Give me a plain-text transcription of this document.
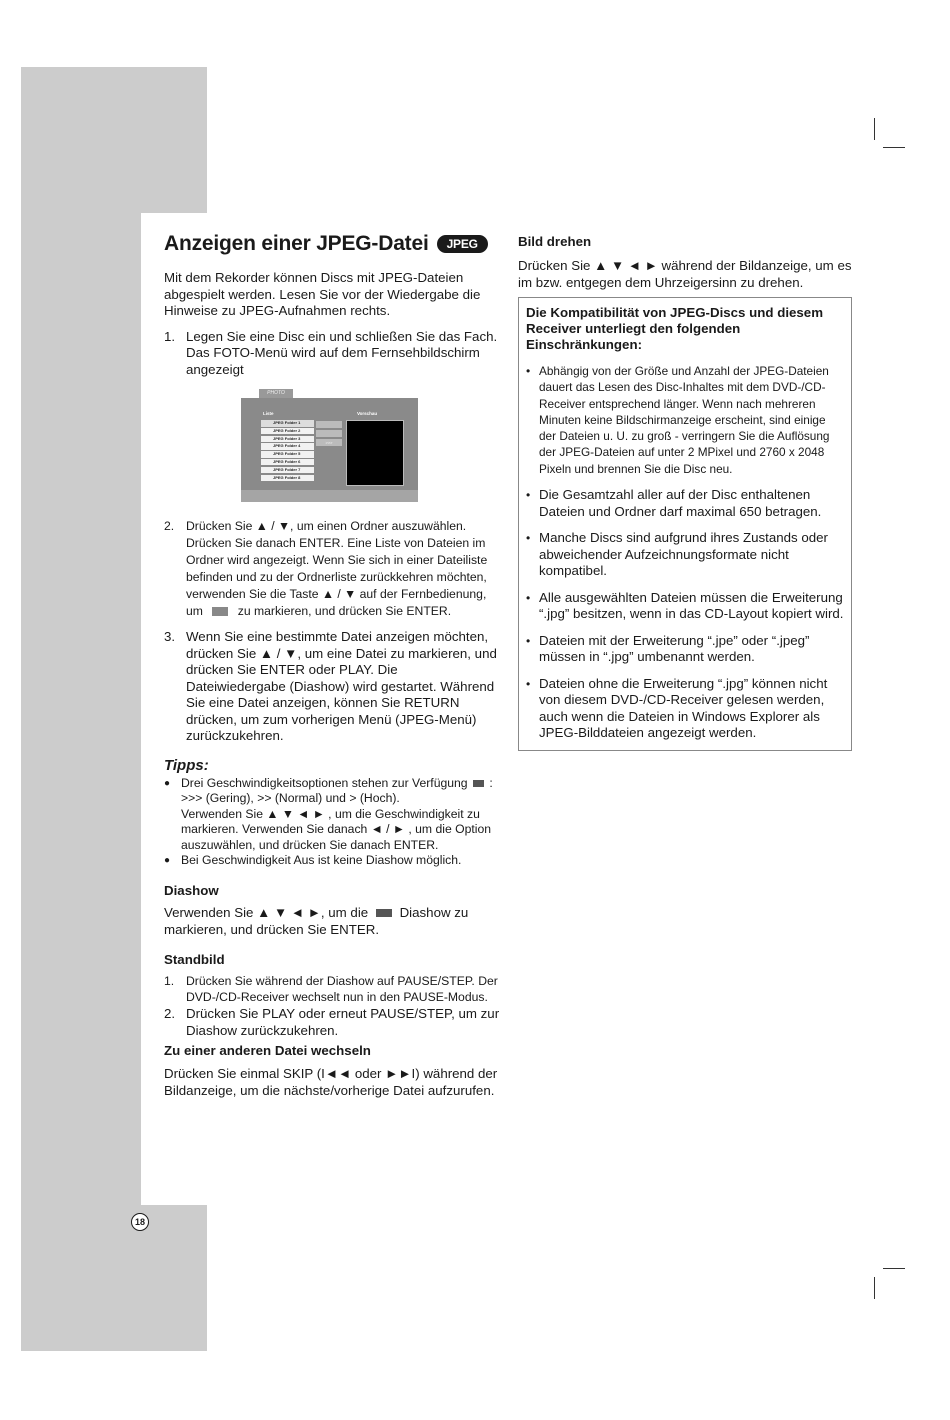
Anzeigen einer JPEG-Datei	JPEG

Mit dem Rekorder können Discs mit JPEG-Dateien abgespielt werden. Lesen Sie vor der Wiedergabe die Hinweise zu JPEG-Aufnahmen rechts.

1. Legen Sie eine Disc ein und schließen Sie das Fach. Das FOTO-Menü wird auf dem Fernsehbildschirm angezeigt
PHOTO
Liste	Vorschau
JPEG Folder 1
JPEG Folder 2
JPEG Folder 3
JPEG Folder 4
JPEG Folder 5
JPEG Folder 6
JPEG Folder 7
JPEG Folder 8
>>>
2. Drücken Sie ▲ / ▼, um einen Ordner auszuwählen. Drücken Sie danach ENTER. Eine Liste von Dateien im Ordner wird angezeigt. Wenn Sie sich in einer Dateiliste befinden und zu der Ordnerliste zurückkehren möchten, verwenden Sie die Taste ▲ / ▼ auf der Fernbedienung, um	zu markieren, und drücken Sie ENTER.
3. Wenn Sie eine bestimmte Datei anzeigen möchten, drücken Sie ▲ / ▼, um eine Datei zu markieren, und drücken Sie ENTER oder PLAY. Die Dateiwiedergabe (Diashow) wird gestartet. Während Sie eine Datei anzeigen, können Sie RETURN drücken, um zum vorherigen Menü (JPEG-Menü) zurückzukehren.
Tipps:
● Drei Geschwindigkeitsoptionen stehen zur Verfügung : >>> (Gering), >> (Normal) und > (Hoch).
Verwenden Sie ▲ ▼ ◄ ► , um die Geschwindigkeit zu markieren. Verwenden Sie danach ◄ / ► , um die Option auszuwählen, und drücken Sie danach ENTER.
● Bei Geschwindigkeit Aus ist keine Diashow möglich.
Diashow

Verwenden Sie ▲ ▼ ◄ ►, um die Diashow zu markieren, und drücken Sie ENTER.

Standbild
1. Drücken Sie während der Diashow auf PAUSE/STEP. Der DVD-/CD-Receiver wechselt nun in den PAUSE-Modus.
2. Drücken Sie PLAY oder erneut PAUSE/STEP, um zur Diashow zurückzukehren.
Zu einer anderen Datei wechseln

Drücken Sie einmal SKIP (I◄◄ oder ►►I) während der Bildanzeige, um die nächste/vorherige Datei aufzurufen.

Bild drehen

Drücken Sie ▲ ▼ ◄ ► während der Bildanzeige, um es im bzw. entgegen dem Uhrzeigersinn zu drehen.

Die Kompatibilität von JPEG-Discs und diesem Receiver unterliegt den folgenden Einschränkungen:
• Abhängig von der Größe und Anzahl der JPEG-Dateien dauert das Lesen des Disc-Inhaltes mit dem DVD-/CD-Receiver entsprechend länger. Wenn nach mehreren Minuten keine Bildschirmanzeige erscheint, sind einige der Dateien u. U. zu groß - verringern Sie die Auflösung der JPEG-Dateien auf unter 2 MPixel und 2760 x 2048 Pixeln und brennen Sie die Disc neu.
• Die Gesamtzahl aller auf der Disc enthaltenen Dateien und Ordner darf maximal 650 betragen.
• Manche Discs sind aufgrund ihres Zustands oder abweichender Aufzeichnungsformate nicht kompatibel.
• Alle ausgewählten Dateien müssen die Erweiterung “.jpg” besitzen, wenn in das CD-Layout kopiert wird.
• Dateien mit der Erweiterung “.jpe” oder “.jpeg” müssen in “.jpg” umbenannt werden.
• Dateien ohne die Erweiterung “.jpg” können nicht von diesem DVD-/CD-Receiver gelesen werden, auch wenn die Dateien in Windows Explorer als JPEG-Bilddateien angezeigt werden.
18
